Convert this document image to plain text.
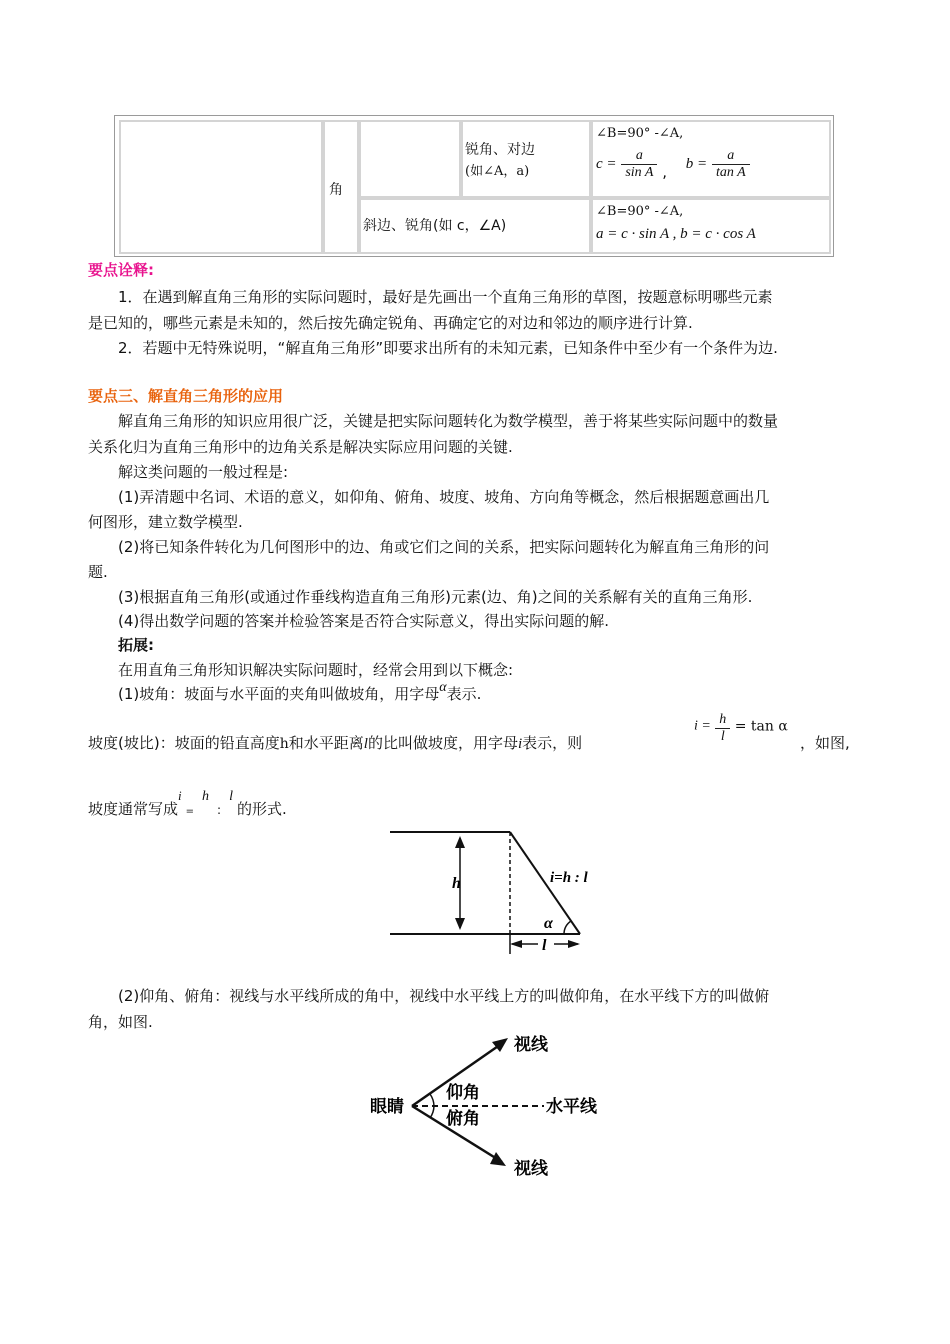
角
锐角、对边
(如∠A，a)
∠B=90° -∠A,
$c = \frac{a}{\text{sin A}}$ , $b = \frac{a}{\text{tan A}}$
斜边、锐角(如 c，∠A)
∠B=90° -∠A,
a = c · sin A , b = c · cos A
要点诠释:
1．在遇到解直角三角形的实际问题时，最好是先画出一个直角三角形的草图，按题意标明哪些元素
是已知的，哪些元素是未知的，然后按先确定锐角、再确定它的对边和邻边的顺序进行计算.
2．若题中无特殊说明，“解直角三角形”即要求出所有的未知元素，已知条件中至少有一个条件为边.
要点三、解直角三角形的应用
解直角三角形的知识应用很广泛，关键是把实际问题转化为数学模型，善于将某些实际问题中的数量
关系化归为直角三角形中的边角关系是解决实际应用问题的关键.
解这类问题的一般过程是:
(1)弄清题中名词、术语的意义，如仰角、俯角、坡度、坡角、方向角等概念，然后根据题意画出几
何图形，建立数学模型.
(2)将已知条件转化为几何图形中的边、角或它们之间的关系，把实际问题转化为解直角三角形的问
题.
(3)根据直角三角形(或通过作垂线构造直角三角形)元素(边、角)之间的关系解有关的直角三角形.
(4)得出数学问题的答案并检验答案是否符合实际意义，得出实际问题的解.
拓展:
在用直角三角形知识解决实际问题时，经常会用到以下概念:
(1)坡角：坡面与水平面的夹角叫做坡角，用字母α表示.
坡度(坡比)：坡面的铅直高度h和水平距离l的比叫做坡度，用字母i表示，则
$i = \frac{h}{l} = \tan \alpha$
，如图,
坡度通常写成i=h:l的形式.
h	i=h : l
α
l
(2)仰角、俯角：视线与水平线所成的角中，视线中水平线上方的叫做仰角，在水平线下方的叫做俯
角，如图.
眼睛
视线
视线
水平线
仰角
俯角
